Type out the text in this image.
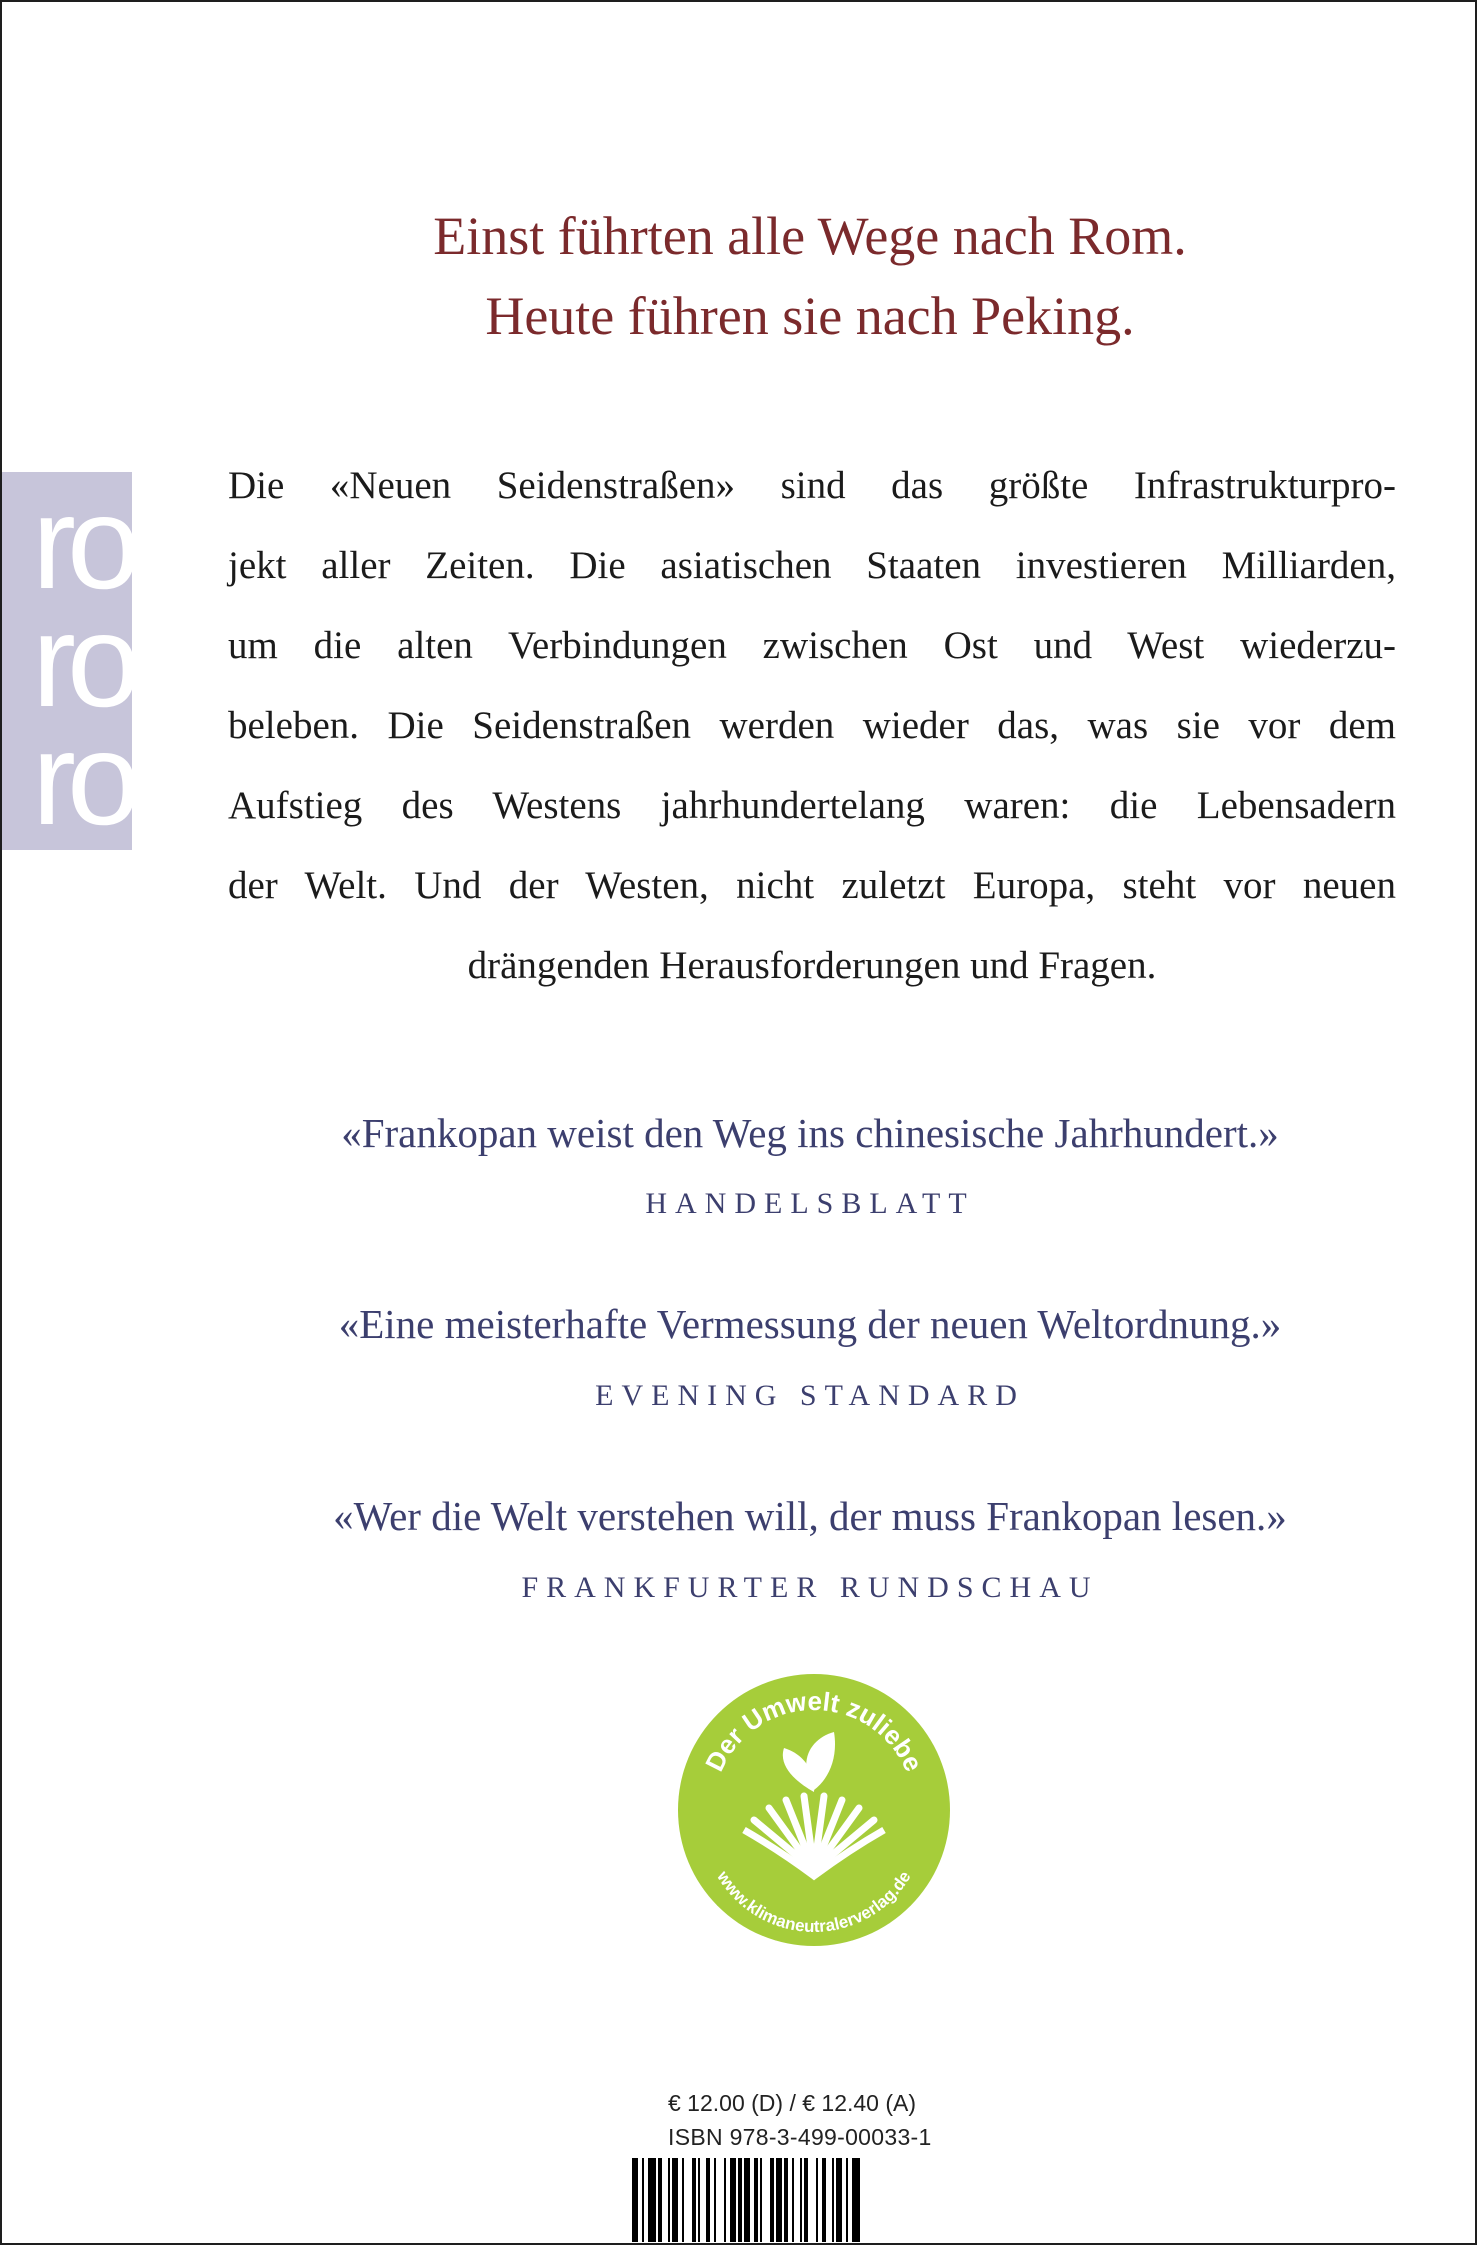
ro
ro
ro
Einst führten alle Wege nach Rom.
Heute führen sie nach Peking.
Die «Neuen Seidenstraßen» sind das größte Infrastrukturpro-
jekt aller Zeiten. Die asiatischen Staaten investieren Milliarden,
um die alten Verbindungen zwischen Ost und West wiederzu-
beleben. Die Seidenstraßen werden wieder das, was sie vor dem
Aufstieg des Westens jahrhundertelang waren: die Lebensadern
der Welt. Und der Westen, nicht zuletzt Europa, steht vor neuen
drängenden Herausforderungen und Fragen.
«Frankopan weist den Weg ins chinesische Jahrhundert.»
HANDELSBLATT
«Eine meisterhafte Vermessung der neuen Weltordnung.»
EVENING STANDARD
«Wer die Welt verstehen will, der muss Frankopan lesen.»
FRANKFURTER RUNDSCHAU
Der Umwelt zuliebe
www.klimaneutralerverlag.de
€ 12.00 (D) / € 12.40 (A)
ISBN 978-3-499-00033-1
